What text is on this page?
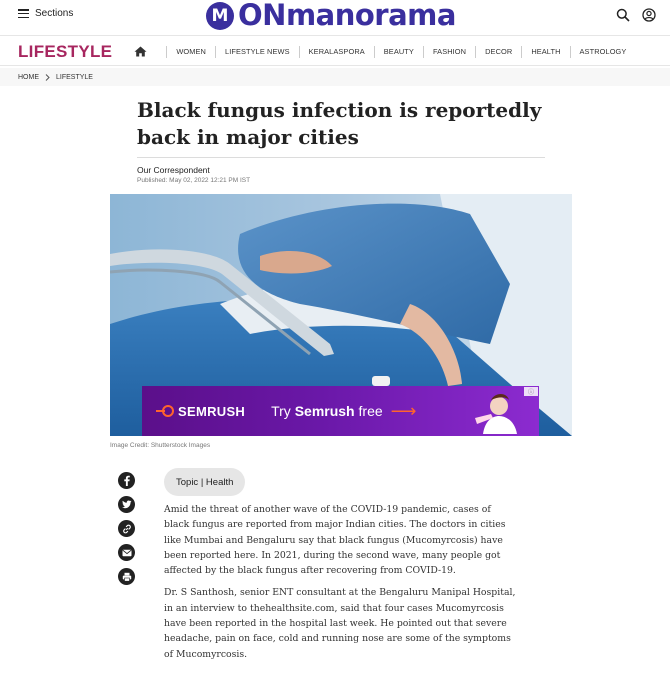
Sections	M ONmanorama
LIFESTYLE	WOMEN	LIFESTYLE NEWS	KERALASPORA	BEAUTY	FASHION	DECOR	HEALTH	ASTROLOGY
HOME LIFESTYLE
Black fungus infection is reportedly back in major cities
Our Correspondent
Published: May 02, 2022 12:21 PM IST
SEMRUSH Try Semrush free ⟶
ⓘ
Image Credit: Shutterstock Images
Topic | Health

Amid the threat of another wave of the COVID-19 pandemic, cases of black fungus are reported from major Indian cities. The doctors in cities like Mumbai and Bengaluru say that black fungus (Mucomyrcosis) have been reported here. In 2021, during the second wave, many people got affected by the black fungus after recovering from COVID-19.

Dr. S Santhosh, senior ENT consultant at the Bengaluru Manipal Hospital, in an interview to thehealthsite.com, said that four cases Mucomyrcosis have been reported in the hospital last week. He pointed out that severe headache, pain on face, cold and running nose are some of the symptoms of Mucomyrcosis.
